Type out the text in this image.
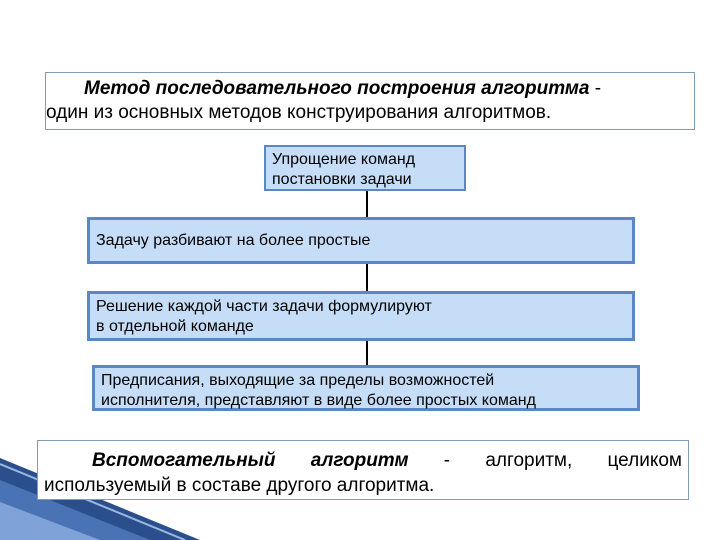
Метод последовательного построения алгоритма -
один из основных методов конструирования алгоритмов.
Упрощение команд
постановки задачи
Задачу разбивают на более простые
Решение каждой части задачи формулируют
в отдельной команде
Предписания, выходящие за пределы возможностей
исполнителя, представляют в виде более простых команд
Вспомогательный алгоритм - алгоритм, целиком
используемый в составе другого алгоритма.
